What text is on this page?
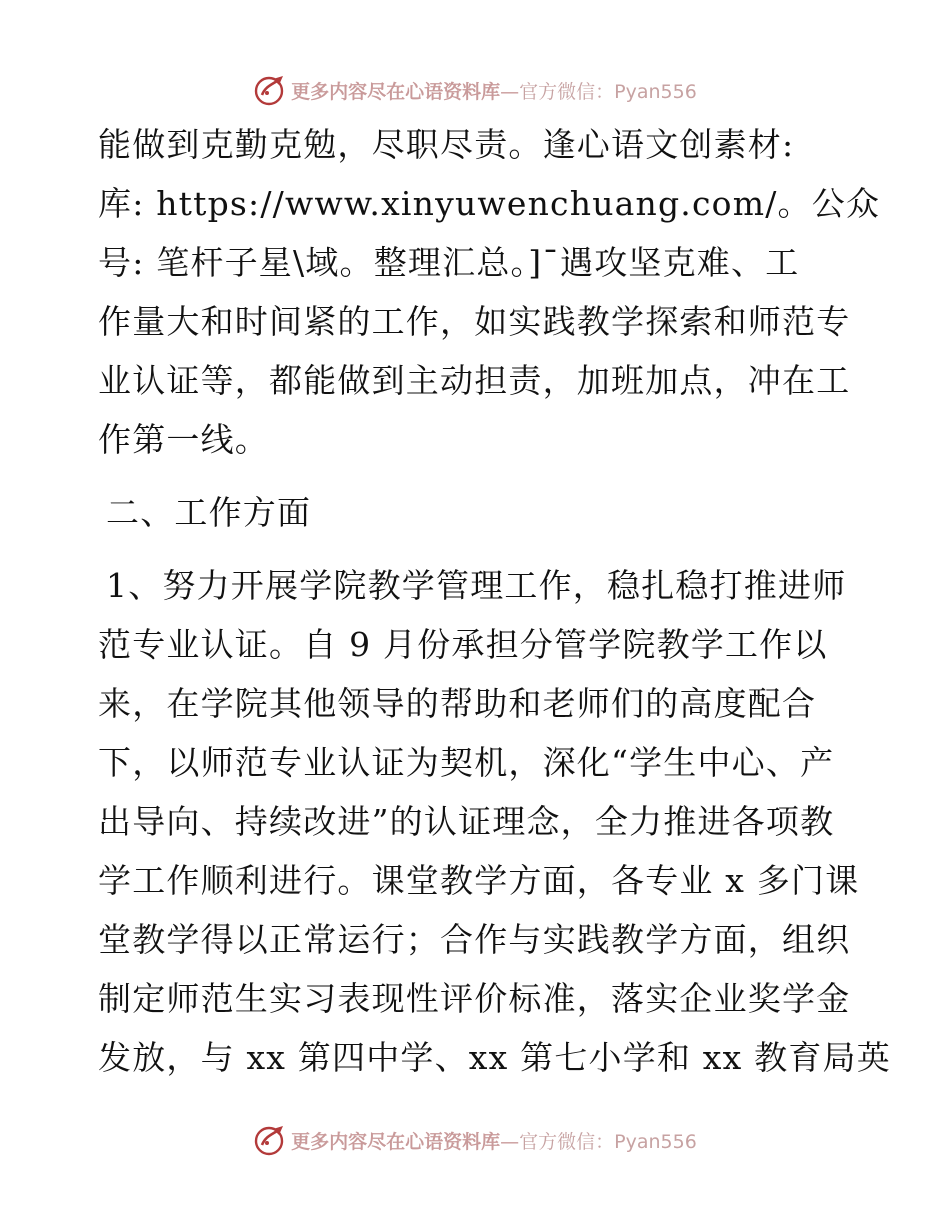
更多内容尽在心语资料库—官方微信：Pyan556
能做到克勤克勉，尽职尽责。逢心语文创素材:
库: https://www.xinyuwenchuang.com/。公众
号: 笔杆子星\域。整理汇总。]¯遇攻坚克难、工
作量大和时间紧的工作，如实践教学探索和师范专
业认证等，都能做到主动担责，加班加点，冲在工
作第一线。
二、工作方面
1、努力开展学院教学管理工作，稳扎稳打推进师
范专业认证。自 9 月份承担分管学院教学工作以
来，在学院其他领导的帮助和老师们的高度配合
下，以师范专业认证为契机，深化“学生中心、产
出导向、持续改进”的认证理念，全力推进各项教
学工作顺利进行。课堂教学方面，各专业 x 多门课
堂教学得以正常运行；合作与实践教学方面，组织
制定师范生实习表现性评价标准，落实企业奖学金
发放，与 xx 第四中学、xx 第七小学和 xx 教育局英
更多内容尽在心语资料库—官方微信：Pyan556
